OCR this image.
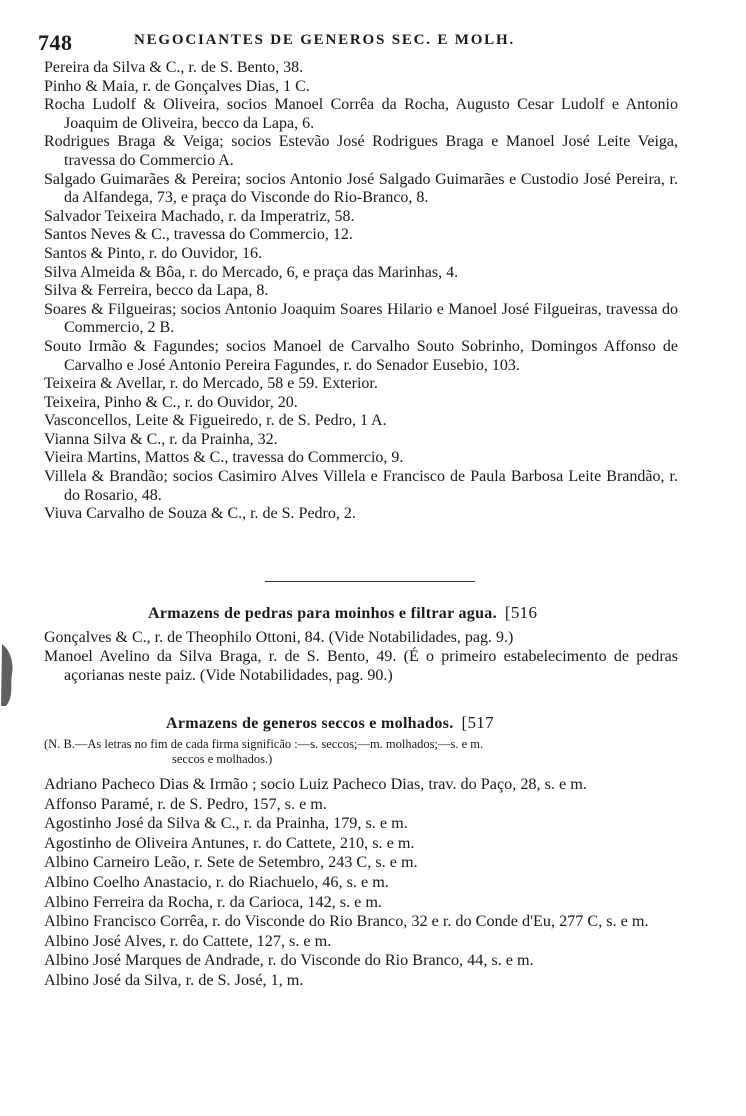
748	NEGOCIANTES DE GENEROS SEC. E MOLH.
Pereira da Silva & C., r. de S. Bento, 38.
Pinho & Maia, r. de Gonçalves Dias, 1 C.
Rocha Ludolf & Oliveira, socios Manoel Corrêa da Rocha, Augusto Cesar Ludolf e Antonio Joaquim de Oliveira, becco da Lapa, 6.
Rodrigues Braga & Veiga; socios Estevão José Rodrigues Braga e Manoel José Leite Veiga, travessa do Commercio A.
Salgado Guimarães & Pereira; socios Antonio José Salgado Guimarães e Custodio José Pereira, r. da Alfandega, 73, e praça do Visconde do Rio-Branco, 8.
Salvador Teixeira Machado, r. da Imperatriz, 58.
Santos Neves & C., travessa do Commercio, 12.
Santos & Pinto, r. do Ouvidor, 16.
Silva Almeida & Bôa, r. do Mercado, 6, e praça das Marinhas, 4.
Silva & Ferreira, becco da Lapa, 8.
Soares & Filgueiras; socios Antonio Joaquim Soares Hilario e Manoel José Filgueiras, travessa do Commercio, 2 B.
Souto Irmão & Fagundes; socios Manoel de Carvalho Souto Sobrinho, Domingos Affonso de Carvalho e José Antonio Pereira Fagundes, r. do Senador Eusebio, 103.
Teixeira & Avellar, r. do Mercado, 58 e 59. Exterior.
Teixeira, Pinho & C., r. do Ouvidor, 20.
Vasconcellos, Leite & Figueiredo, r. de S. Pedro, 1 A.
Vianna Silva & C., r. da Prainha, 32.
Vieira Martins, Mattos & C., travessa do Commercio, 9.
Villela & Brandão; socios Casimiro Alves Villela e Francisco de Paula Barbosa Leite Brandão, r. do Rosario, 48.
Viuva Carvalho de Souza & C., r. de S. Pedro, 2.
Armazens de pedras para moinhos e filtrar agua. [516
Gonçalves & C., r. de Theophilo Ottoni, 84. (Vide Notabilidades, pag. 9.)
Manoel Avelino da Silva Braga, r. de S. Bento, 49. (É o primeiro estabelecimento de pedras açorianas neste paiz. (Vide Notabilidades, pag. 90.)
Armazens de generos seccos e molhados. [517
(N. B.—As letras no fim de cada firma significão :—s. seccos;—m. molhados;—s. e m.
seccos e molhados.)
Adriano Pacheco Dias & Irmão ; socio Luiz Pacheco Dias, trav. do Paço, 28, s. e m.
Affonso Paramé, r. de S. Pedro, 157, s. e m.
Agostinho José da Silva & C., r. da Prainha, 179, s. e m.
Agostinho de Oliveira Antunes, r. do Cattete, 210, s. e m.
Albino Carneiro Leão, r. Sete de Setembro, 243 C, s. e m.
Albino Coelho Anastacio, r. do Riachuelo, 46, s. e m.
Albino Ferreira da Rocha, r. da Carioca, 142, s. e m.
Albino Francisco Corrêa, r. do Visconde do Rio Branco, 32 e r. do Conde d'Eu, 277 C, s. e m.
Albino José Alves, r. do Cattete, 127, s. e m.
Albino José Marques de Andrade, r. do Visconde do Rio Branco, 44, s. e m.
Albino José da Silva, r. de S. José, 1, m.
